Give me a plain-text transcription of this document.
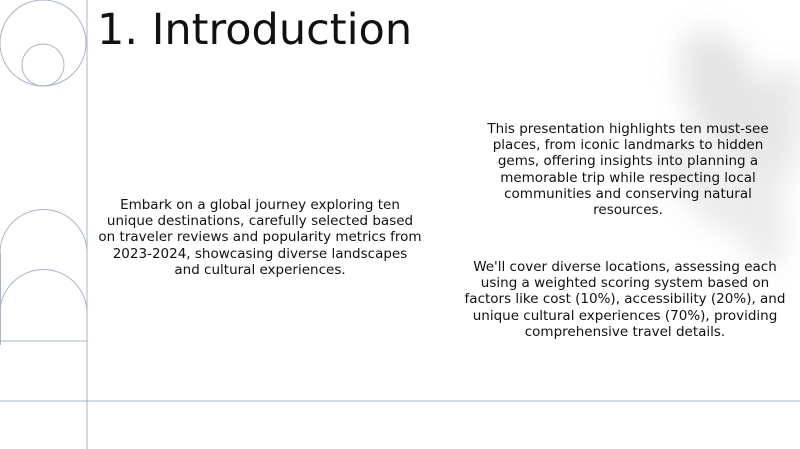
1. Introduction

Embark on a global journey exploring ten unique destinations, carefully selected based on traveler reviews and popularity metrics from 2023-2024, showcasing diverse landscapes and cultural experiences.

This presentation highlights ten must-see places, from iconic landmarks to hidden gems, offering insights into planning a memorable trip while respecting local communities and conserving natural resources.

We'll cover diverse locations, assessing each using a weighted scoring system based on factors like cost (10%), accessibility (20%), and unique cultural experiences (70%), providing comprehensive travel details.
